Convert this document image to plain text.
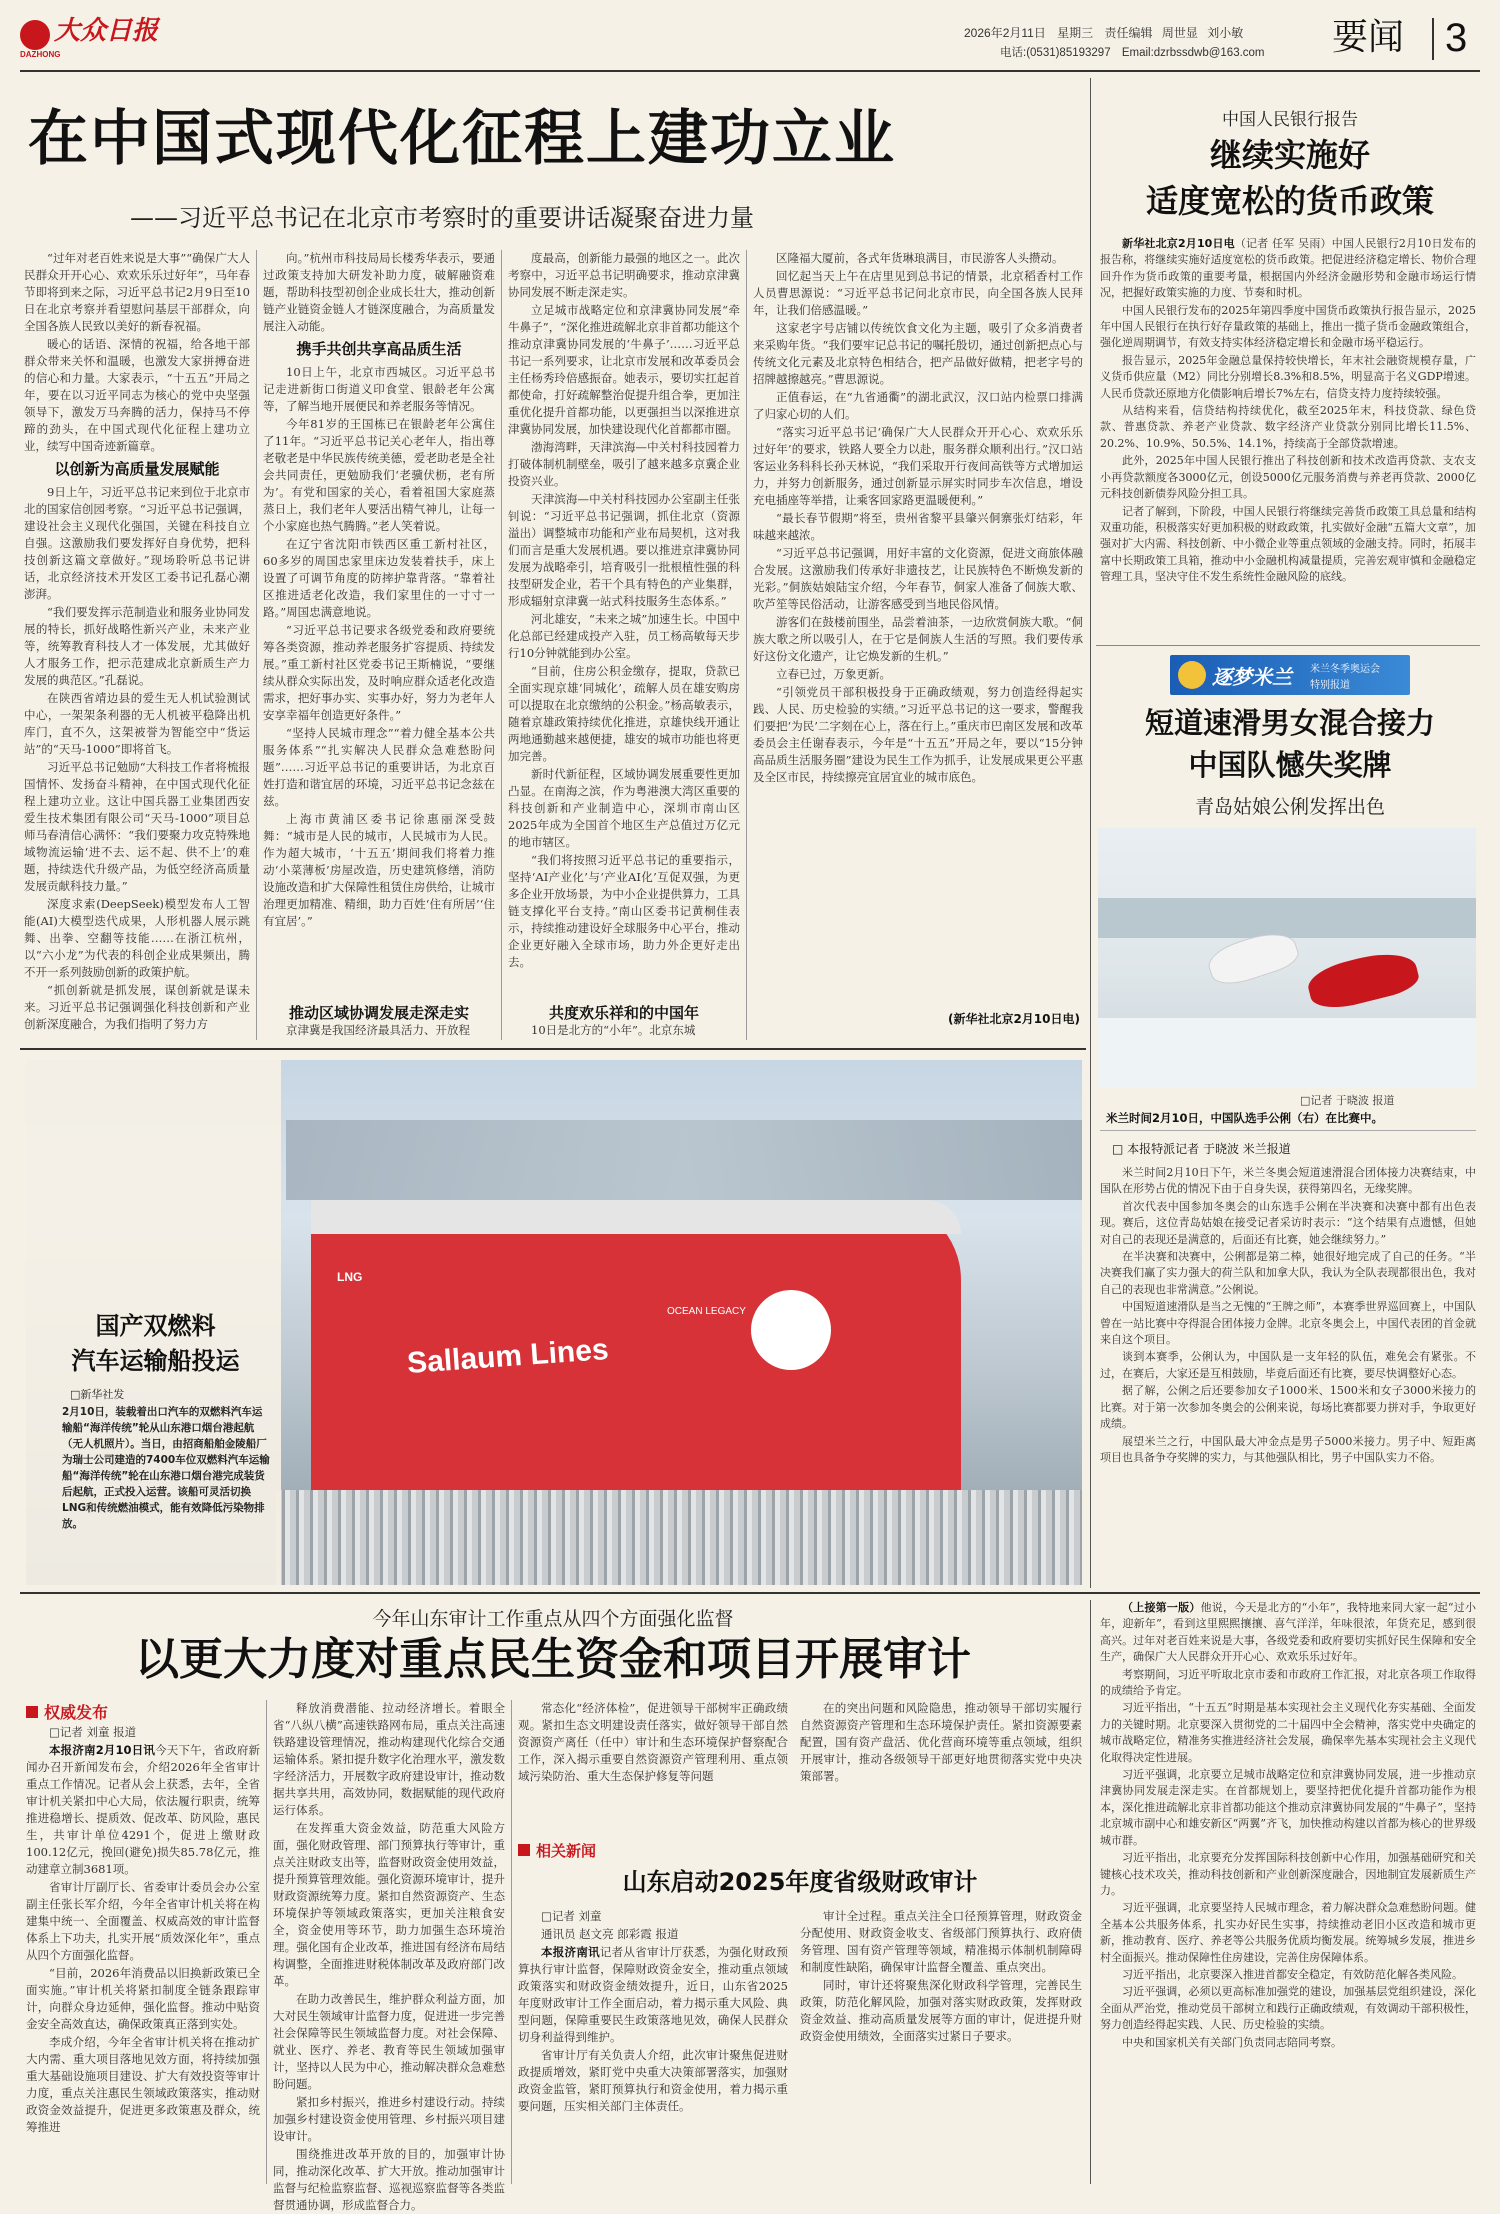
大众日报
DAZHONG
2026年2月11日 星期三 责任编辑 周世显 刘小敏
电话:(0531)85193297 Email:dzrbssdwb@163.com	要闻 3
在中国式现代化征程上建功立业
——习近平总书记在北京市考察时的重要讲话凝聚奋进力量

“过年对老百姓来说是大事”“确保广大人民群众开开心心、欢欢乐乐过好年”，马年春节即将到来之际，习近平总书记2月9日至10日在北京考察并看望慰问基层干部群众，向全国各族人民致以美好的新春祝福。

暖心的话语、深情的祝福，给各地干部群众带来关怀和温暖，也激发大家拼搏奋进的信心和力量。大家表示，“十五五”开局之年，要在以习近平同志为核心的党中央坚强领导下，激发万马奔腾的活力，保持马不停蹄的劲头，在中国式现代化征程上建功立业，续写中国奇迹新篇章。

以创新为高质量发展赋能

9日上午，习近平总书记来到位于北京市北的国家信创园考察。“习近平总书记强调，建设社会主义现代化强国，关键在科技自立自强。这激励我们要发挥好自身优势，把科技创新这篇文章做好。”现场聆听总书记讲话，北京经济技术开发区工委书记孔磊心潮澎湃。

“我们要发挥示范制造业和服务业协同发展的特长，抓好战略性新兴产业，未来产业等，统筹教育科技人才一体发展，尤其做好人才服务工作，把示范建成北京新质生产力发展的典范区。”孔磊说。

在陕西省靖边县的爱生无人机试验测试中心，一架架条利器的无人机被平稳降出机库门，直不久，这架被誉为智能空中“货运站”的“天马-1000”即将首飞。

习近平总书记勉励“大科技工作者将梳报国情怀、发扬奋斗精神，在中国式现代化征程上建功立业。这让中国兵器工业集团西安爱生技术集团有限公司“天马-1000”项目总师马春清信心满怀：“我们要聚力攻克特殊地域物流运输‘进不去、运不起、供不上’的难题，持续迭代升级产品，为低空经济高质量发展贡献科技力量。”

深度求索(DeepSeek)模型发布人工智能(AI)大模型迭代成果，人形机器人展示跳舞、出拳、空翻等技能……在浙江杭州，以“六小龙”为代表的科创企业成果频出，腾不开一系列鼓励创新的政策护航。

“抓创新就是抓发展，谋创新就是谋未来。习近平总书记强调强化科技创新和产业创新深度融合，为我们指明了努力方

向。”杭州市科技局局长楼秀华表示，要通过政策支持加大研发补助力度，破解融资难题，帮助科技型初创企业成长壮大，推动创新链产业链资金链人才链深度融合，为高质量发展注入动能。

携手共创共享高品质生活

10日上午，北京市西城区。习近平总书记走进新街口街道义印食堂、银龄老年公寓等，了解当地开展便民和养老服务等情况。

今年81岁的王国栋已在银龄老年公寓住了11年。“习近平总书记关心老年人，指出尊老敬老是中华民族传统美德，爱老助老是全社会共同责任，更勉励我们‘老骥伏枥，老有所为’。有党和国家的关心，看着祖国大家庭蒸蒸日上，我们老年人要活出精气神儿，让每一个小家庭也热气腾腾。”老人笑着说。

在辽宁省沈阳市铁西区重工新村社区，60多岁的周国忠家里床边发装着扶手，床上设置了可调节角度的防摔护靠背落。“靠着社区推进适老化改造，我们家里住的一寸寸一路。”周国忠满意地说。

“习近平总书记要求各级党委和政府要统筹各类资源，推动养老服务扩容提质、持续发展。”重工新村社区党委书记王斯楠说，“要继续从群众实际出发，及时响应群众适老化改造需求，把好事办实、实事办好，努力为老年人安享幸福年创造更好条件。”

“坚持人民城市理念”“着力健全基本公共服务体系”“扎实解决人民群众急难愁盼问题”……习近平总书记的重要讲话，为北京百姓打造和谐宜居的环境，习近平总书记念兹在兹。

上海市黄浦区委书记徐惠丽深受鼓舞：“城市是人民的城市，人民城市为人民。作为超大城市，‘十五五’期间我们将着力推动‘小菜薄板’房屋改造，历史建筑修缮，消防设施改造和扩大保障性租赁住房供给，让城市治理更加精准、精细，助力百姓‘住有所居’‘住有宜居’。”

推动区域协调发展走深走实

京津冀是我国经济最具活力、开放程

度最高，创新能力最强的地区之一。此次考察中，习近平总书记明确要求，推动京津冀协同发展不断走深走实。

立足城市战略定位和京津冀协同发展“牵牛鼻子”，“深化推进疏解北京非首都功能这个推动京津冀协同发展的‘牛鼻子’……习近平总书记一系列要求，让北京市发展和改革委员会主任杨秀玲倍感振奋。她表示，要切实扛起首都使命，打好疏解整治促提升组合拳，更加注重优化提升首都功能，以更强担当以深推进京津冀协同发展，加快建设现代化首都都市圈。

渤海湾畔，天津滨海—中关村科技园着力打破体制机制壁垒，吸引了越来越多京冀企业投资兴业。

天津滨海—中关村科技园办公室副主任张钊说：“习近平总书记强调，抓住北京（资源溢出）调整城市功能和产业布局契机，这对我们而言是重大发展机遇。要以推进京津冀协同发展为战略牵引，培育吸引一批根植性强的科技型研发企业，若干个具有特色的产业集群，形成辐射京津冀一站式科技服务生态体系。”

河北雄安，“未来之城”加速生长。中国中化总部已经建成投产入驻，员工杨高敏每天步行10分钟就能到办公室。

“目前，住房公积金缴存，提取，贷款已全面实现京雄‘同城化’，疏解人员在雄安购房可以提取在北京缴纳的公积金。”杨高敏表示，随着京雄政策持续优化推进，京雄快线开通让两地通勤越来越便捷，雄安的城市功能也将更加完善。

新时代新征程，区域协调发展重要性更加凸显。在南海之滨，作为粤港澳大湾区重要的科技创新和产业制造中心，深圳市南山区2025年成为全国首个地区生产总值过万亿元的地市辖区。

“我们将按照习近平总书记的重要指示，坚持‘AI产业化’与‘产业AI化’互促双强，为更多企业开放场景，为中小企业提供算力，工具链支撑化平台支持。”南山区委书记黄桐佳表示，持续推动建设好全球服务中心平台，推动企业更好融入全球市场，助力外企更好走出去。

共度欢乐祥和的中国年

10日是北方的“小年”。北京东城

区隆福大厦前，各式年货琳琅满目，市民游客人头攒动。

回忆起当天上午在店里见到总书记的情景，北京稻香村工作人员曹思源说：“习近平总书记问北京市民，向全国各族人民拜年，让我们倍感温暖。”

这家老字号店铺以传统饮食文化为主题，吸引了众多消费者来采购年货。“我们要牢记总书记的嘱托殷切，通过创新把点心与传统文化元素及北京特色相结合，把产品做好做精，把老字号的招牌越擦越亮。”曹思源说。

正值春运，在“九省通衢”的湖北武汉，汉口站内检票口排满了归家心切的人们。

“落实习近平总书记‘确保广大人民群众开开心心、欢欢乐乐过好年’的要求，铁路人要全力以赴，服务群众顺利出行。”汉口站客运业务科科长孙天林说，“我们采取开行夜间高铁等方式增加运力，并努力创新服务，通过创新显示屏实时同步车次信息，增设充电插座等举措，让乘客回家路更温暖便利。”

“最长春节假期”将至，贵州省黎平县肇兴侗寨张灯结彩，年味越来越浓。

“习近平总书记强调，用好丰富的文化资源，促进文商旅体融合发展。这激励我们传承好非遗技艺，让民族特色不断焕发新的光彩。”侗族姑娘陆宝介绍，今年春节，侗家人准备了侗族大歌、吹芦笙等民俗活动，让游客感受到当地民俗风情。

游客们在鼓楼前围坐，品尝着油茶，一边欣赏侗族大歌。“侗族大歌之所以吸引人，在于它是侗族人生活的写照。我们要传承好这份文化遗产，让它焕发新的生机。”

立春已过，万象更新。

“引领党员干部积极投身于正确政绩观，努力创造经得起实践、人民、历史检验的实绩。”习近平总书记的这一要求，警醒我们要把‘为民’二字刻在心上，落在行上。”重庆市巴南区发展和改革委员会主任谢春表示，今年是“十五五”开局之年，要以“15分钟高品质生活服务圈”建设为民生工作为抓手，让发展成果更公平惠及全区市民，持续擦亮宜居宜业的城市底色。

(新华社北京2月10日电)
中国人民银行报告
继续实施好
适度宽松的货币政策

新华社北京2月10日电（记者 任军 吴雨）中国人民银行2月10日发布的报告称，将继续实施好适度宽松的货币政策。把促进经济稳定增长、物价合理回升作为货币政策的重要考量，根据国内外经济金融形势和金融市场运行情况，把握好政策实施的力度、节奏和时机。

中国人民银行发布的2025年第四季度中国货币政策执行报告显示，2025年中国人民银行在执行好存量政策的基础上，推出一揽子货币金融政策组合，强化逆周期调节，有效支持实体经济稳定增长和金融市场平稳运行。

报告显示，2025年金融总量保持较快增长，年末社会融资规模存量，广义货币供应量（M2）同比分别增长8.3%和8.5%，明显高于名义GDP增速。人民币贷款还原地方化债影响后增长7%左右，信贷支持力度持续较强。

从结构来看，信贷结构持续优化，截至2025年末，科技贷款、绿色贷款、普惠贷款、养老产业贷款、数字经济产业贷款分别同比增长11.5%、20.2%、10.9%、50.5%、14.1%，持续高于全部贷款增速。

此外，2025年中国人民银行推出了科技创新和技术改造再贷款、支农支小再贷款额度各3000亿元，创设5000亿元服务消费与养老再贷款、2000亿元科技创新债券风险分担工具。

记者了解到，下阶段，中国人民银行将继续完善货币政策工具总量和结构双重功能，积极落实好更加积极的财政政策，扎实做好金融“五篇大文章”，加强对扩大内需、科技创新、中小微企业等重点领域的金融支持。同时，拓展丰富中长期政策工具箱，推动中小金融机构减量提质，完善宏观审慎和金融稳定管理工具，坚决守住不发生系统性金融风险的底线。

逐梦米兰 米兰冬季奥运会
特别报道
短道速滑男女混合接力
中国队憾失奖牌
青岛姑娘公俐发挥出色
□记者 于晓波 报道
米兰时间2月10日，中国队选手公俐（右）在比赛中。
□ 本报特派记者 于晓波 米兰报道

米兰时间2月10日下午，米兰冬奥会短道速滑混合团体接力决赛结束，中国队在形势占优的情况下由于自身失误，获得第四名，无缘奖牌。

首次代表中国参加冬奥会的山东选手公俐在半决赛和决赛中都有出色表现。赛后，这位青岛姑娘在接受记者采访时表示：“这个结果有点遗憾，但她对自己的表现还是满意的，后面还有比赛，她会继续努力。”

在半决赛和决赛中，公俐都是第二棒，她很好地完成了自己的任务。“半决赛我们赢了实力强大的荷兰队和加拿大队，我认为全队表现都很出色，我对自己的表现也非常满意。”公俐说。

中国短道速滑队是当之无愧的“王牌之师”，本赛季世界巡回赛上，中国队曾在一站比赛中夺得混合团体接力金牌。北京冬奥会上，中国代表团的首金就来自这个项目。

谈到本赛季，公俐认为，中国队是一支年轻的队伍，难免会有紧张。不过，在赛后，大家还是互相鼓励，毕竟后面还有比赛，要尽快调整好心态。

据了解，公俐之后还要参加女子1000米、1500米和女子3000米接力的比赛。对于第一次参加冬奥会的公俐来说，每场比赛都要力拼对手，争取更好成绩。

展望米兰之行，中国队最大冲金点是男子5000米接力。男子中、短距离项目也具备争夺奖牌的实力，与其他强队相比，男子中国队实力不俗。

Sallaum Lines
OCEAN LEGACY
LNG
国产双燃料
汽车运输船投运
□新华社发
2月10日，装载着出口汽车的双燃料汽车运输船“海洋传统”轮从山东港口烟台港起航（无人机照片）。当日，由招商船舶金陵船厂为瑞士公司建造的7400车位双燃料汽车运输船“海洋传统”轮在山东港口烟台港完成装货后起航，正式投入运营。该船可灵活切换LNG和传统燃油模式，能有效降低污染物排放。
今年山东审计工作重点从四个方面强化监督
以更大力度对重点民生资金和项目开展审计
权威发布

□记者 刘童 报道

本报济南2月10日讯今天下午，省政府新闻办召开新闻发布会，介绍2026年全省审计重点工作情况。记者从会上获悉，去年，全省审计机关紧扣中心大局，依法履行职责，统筹推进稳增长、提质效、促改革、防风险，惠民生，共审计单位4291个，促进上缴财政100.12亿元，挽回(避免)损失85.78亿元，推动建章立制3681项。

省审计厅副厅长、省委审计委员会办公室副主任张长军介绍，今年全省审计机关将在构建集中统一、全面覆盖、权威高效的审计监督体系上下功夫，扎实开展“质效深化年”，重点从四个方面强化监督。

“目前，2026年消费品以旧换新政策已全面实施。”审计机关将紧扣制度全链条跟踪审计，向群众身边延伸，强化监督。推动中贴资金安全高效直达，确保政策真正落到实处。

李成介绍，今年全省审计机关将在推动扩大内需、重大项目落地见效方面，将持续加强重大基础设施项目建设、扩大有效投资等审计力度，重点关注惠民生领域政策落实，推动财政资金效益提升，促进更多政策惠及群众，统筹推进

释放消费潜能、拉动经济增长。着眼全省“八纵八横”高速铁路网布局，重点关注高速铁路建设管理情况，推动构建现代化综合交通运输体系。紧扣提升数字化治理水平，激发数字经济活力，开展数字政府建设审计，推动数据共享共用，高效协同，数据赋能的现代政府运行体系。

在发挥重大资金效益，防范重大风险方面，强化财政管理、部门预算执行等审计，重点关注财政支出等，监督财政资金使用效益，提升预算管理效能。强化资源环境审计，提升财政资源统筹力度。紧扣自然资源资产、生态环境保护等领域政策落实，更加关注粮食安全，资金使用等环节，助力加强生态环境治理。强化国有企业改革，推进国有经济布局结构调整，全面推进财税体制改革及政府部门改革。

在助力改善民生，维护群众利益方面，加大对民生领域审计监督力度，促进进一步完善社会保障等民生领域监督力度。对社会保障、就业、医疗、养老、教育等民生领域加强审计，坚持以人民为中心，推动解决群众急难愁盼问题。

紧扣乡村振兴，推进乡村建设行动。持续加强乡村建设资金使用管理、乡村振兴项目建设审计。

围绕推进改革开放的目的，加强审计协同，推动深化改革、扩大开放。推动加强审计监督与纪检监察监督、巡视巡察监督等各类监督贯通协调，形成监督合力。

常态化“经济体检”，促进领导干部树牢正确政绩观。紧扣生态文明建设责任落实，做好领导干部自然资源资产离任（任中）审计和生态环境保护督察配合工作，深入揭示重要自然资源资产管理利用、重点领域污染防治、重大生态保护修复等问题

在的突出问题和风险隐患，推动领导干部切实履行自然资源资产管理和生态环境保护责任。紧扣资源要素配置，国有资产盘活、优化营商环境等重点领域，组织开展审计，推动各级领导干部更好地贯彻落实党中央决策部署。

相关新闻
山东启动2025年度省级财政审计

□记者 刘童

通讯员 赵文亮 郎彩霞 报道

本报济南讯记者从省审计厅获悉，为强化财政预算执行审计监督，保障财政资金安全，推动重点领域政策落实和财政资金绩效提升，近日，山东省2025年度财政审计工作全面启动，着力揭示重大风险、典型问题，保障重要民生政策落地见效，确保人民群众切身利益得到维护。

省审计厅有关负责人介绍，此次审计聚焦促进财政提质增效，紧盯党中央重大决策部署落实，加强财政资金监管，紧盯预算执行和资金使用，着力揭示重要问题，压实相关部门主体责任。

审计全过程。重点关注全口径预算管理，财政资金分配使用、财政资金收支、省级部门预算执行、政府债务管理、国有资产管理等领域，精准揭示体制机制障碍和制度性缺陷，确保审计监督全覆盖、重点突出。

同时，审计还将聚焦深化财政科学管理，完善民生政策，防范化解风险，加强对落实财政政策，发挥财政资金效益、推动高质量发展等方面的审计，促进提升财政资金使用绩效，全面落实过紧日子要求。

（上接第一版）他说，今天是北方的“小年”，我特地来同大家一起“过小年，迎新年”，看到这里熙熙攘攘、喜气洋洋，年味很浓，年货充足，感到很高兴。过年对老百姓来说是大事，各级党委和政府要切实抓好民生保障和安全生产，确保广大人民群众开开心心、欢欢乐乐过好年。

考察期间，习近平听取北京市委和市政府工作汇报，对北京各项工作取得的成绩给予肯定。

习近平指出，“十五五”时期是基本实现社会主义现代化夯实基础、全面发力的关键时期。北京要深入贯彻党的二十届四中全会精神，落实党中央确定的城市战略定位，精准务实推进经济社会发展，确保率先基本实现社会主义现代化取得决定性进展。

习近平强调，北京要立足城市战略定位和京津冀协同发展，进一步推动京津冀协同发展走深走实。在首都规划上，要坚持把优化提升首都功能作为根本，深化推进疏解北京非首都功能这个推动京津冀协同发展的“牛鼻子”，坚持北京城市副中心和雄安新区“两翼”齐飞，加快推动构建以首都为核心的世界级城市群。

习近平指出，北京要充分发挥国际科技创新中心作用，加强基础研究和关键核心技术攻关，推动科技创新和产业创新深度融合，因地制宜发展新质生产力。

习近平强调，北京要坚持人民城市理念，着力解决群众急难愁盼问题。健全基本公共服务体系，扎实办好民生实事，持续推动老旧小区改造和城市更新，推动教育、医疗、养老等公共服务优质均衡发展。统筹城乡发展，推进乡村全面振兴。推动保障性住房建设，完善住房保障体系。

习近平指出，北京要深入推进首都安全稳定，有效防范化解各类风险。

习近平强调，必须以更高标准加强党的建设，加强基层党组织建设，深化全面从严治党，推动党员干部树立和践行正确政绩观，有效调动干部积极性，努力创造经得起实践、人民、历史检验的实绩。

中央和国家机关有关部门负责同志陪同考察。
